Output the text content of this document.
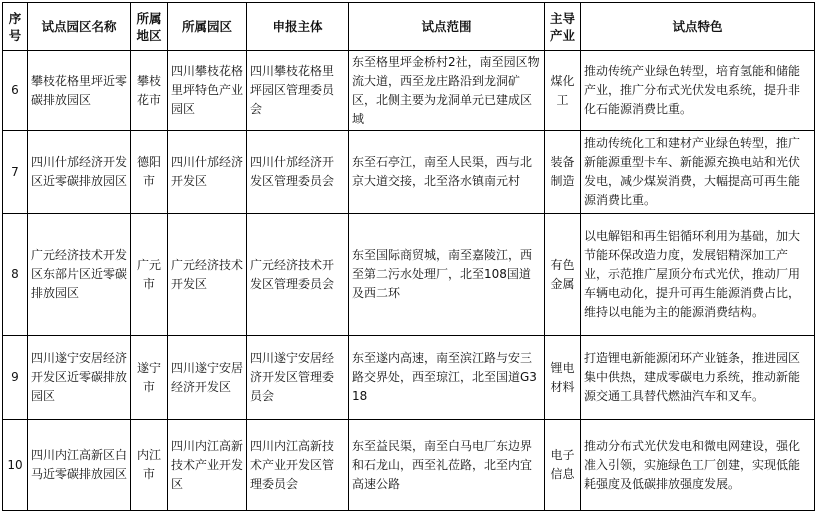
序号	试点园区名称	所属地区	所属园区	申报主体	试点范围	主导产业	试点特色
6	攀枝花格里坪近零碳排放园区	攀枝花市	四川攀枝花格里坪特色产业园区	四川攀枝花格里坪园区管理委员会	东至格里坪金桥村2社，南至园区物流大道，西至龙庄路沿到龙洞矿区，北侧主要为龙洞单元已建成区域	煤化工	推动传统产业绿色转型，培育氢能和储能产业，推广分布式光伏发电系统，提升非化石能源消费比重。
7	四川什邡经济开发区近零碳排放园区	德阳市	四川什邡经济开发区	四川什邡经济开发区管理委员会	东至石亭江，南至人民渠，西与北京大道交接，北至洛水镇南元村	装备制造	推动传统化工和建材产业绿色转型，推广新能源重型卡车、新能源充换电站和光伏发电，减少煤炭消费，大幅提高可再生能源消费比重。
8	广元经济技术开发区东部片区近零碳排放园区	广元市	广元经济技术开发区	广元经济技术开发区管理委员会	东至国际商贸城，南至嘉陵江，西至第二污水处理厂，北至108国道及西二环	有色金属	以电解铝和再生铝循环利用为基础，加大节能环保改造力度，发展铝精深加工产业，示范推广屋顶分布式光伏，推动厂用车辆电动化，提升可再生能源消费占比，维持以电能为主的能源消费结构。
9	四川遂宁安居经济开发区近零碳排放园区	遂宁市	四川遂宁安居经济开发区	四川遂宁安居经济开发区管理委员会	东至遂内高速，南至滨江路与安三路交界处，西至琼江，北至国道G318	锂电材料	打造锂电新能源闭环产业链条，推进园区集中供热，建成零碳电力系统，推动新能源交通工具替代燃油汽车和叉车。
10	四川内江高新区白马近零碳排放园区	内江市	四川内江高新技术产业开发区	四川内江高新技术产业开发区管理委员会	东至益民渠，南至白马电厂东边界和石龙山，西至礼莅路，北至内宜高速公路	电子信息	推动分布式光伏发电和微电网建设，强化准入引领，实施绿色工厂创建，实现低能耗强度及低碳排放强度发展。
